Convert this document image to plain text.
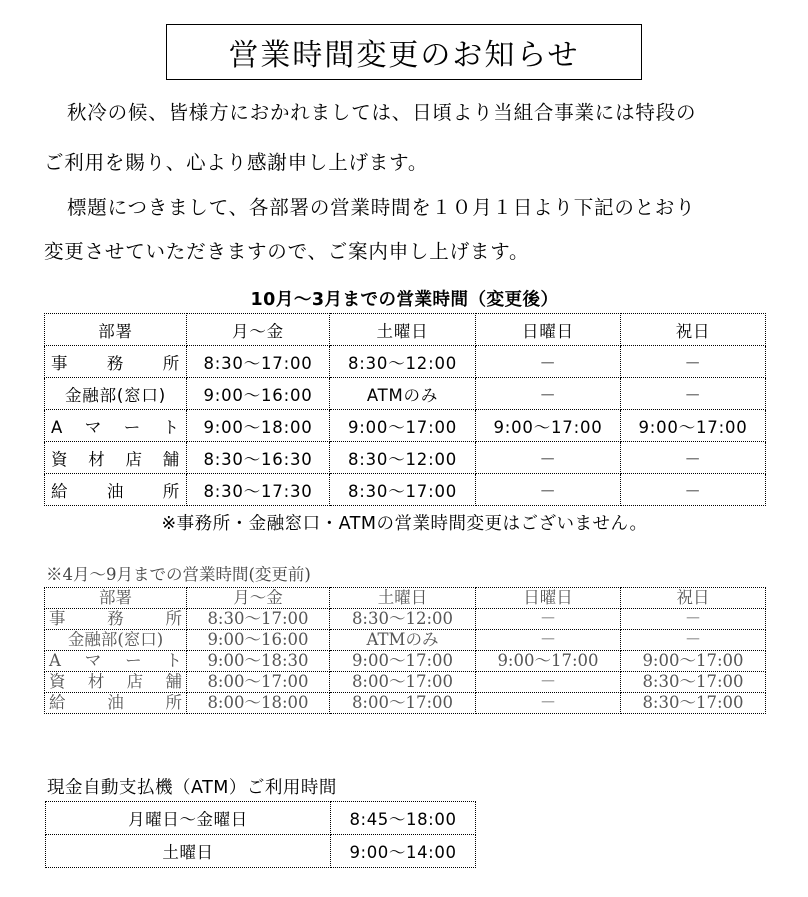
営業時間変更のお知らせ
秋冷の候、皆様方におかれましては、日頃より当組合事業には特段の
ご利用を賜り、心より感謝申し上げます。
標題につきまして、各部署の営業時間を１０月１日より下記のとおり
変更させていただきますので、ご案内申し上げます。
10月～3月までの営業時間（変更後）
部署	月～金	土曜日	日曜日	祝日
事務所	8:30～17:00	8:30～12:00	－	－
金融部(窓口)	9:00～16:00	ATMのみ	－	－
Aマート	9:00～18:00	9:00～17:00	9:00～17:00	9:00～17:00
資材店舗	8:30～16:30	8:30～12:00	－	－
給油所	8:30～17:30	8:30～17:00	－	－
※事務所・金融窓口・ATMの営業時間変更はございません。
※4月～9月までの営業時間(変更前)
部署	月～金	土曜日	日曜日	祝日
事務所	8:30～17:00	8:30～12:00	－	－
金融部(窓口)	9:00～16:00	ATMのみ	－	－
Aマート	9:00～18:30	9:00～17:00	9:00～17:00	9:00～17:00
資材店舗	8:00～17:00	8:00～17:00	－	8:30～17:00
給油所	8:00～18:00	8:00～17:00	－	8:30～17:00
現金自動支払機（ATM）ご利用時間
月曜日～金曜日	8:45～18:00
土曜日	9:00～14:00
